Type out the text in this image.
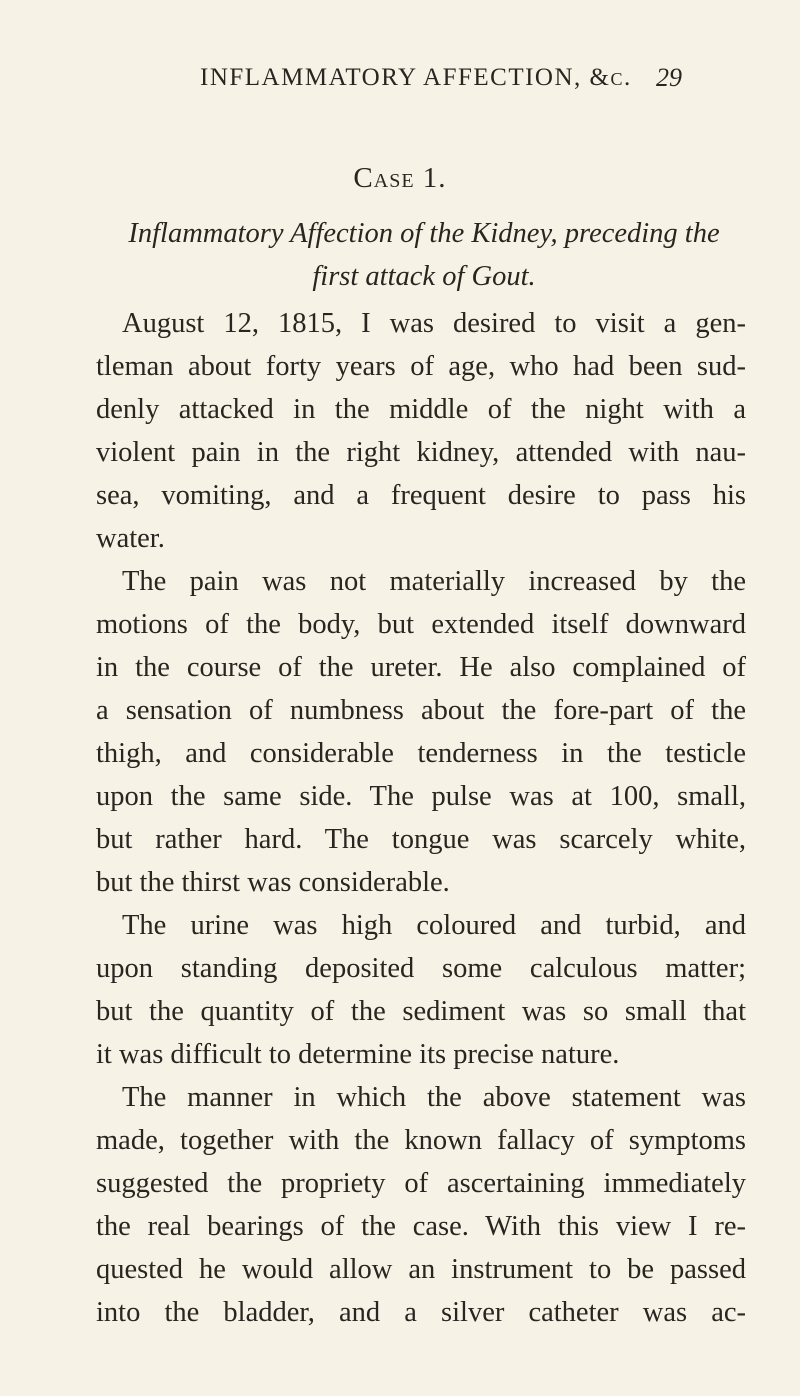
INFLAMMATORY AFFECTION, &c. 29
Case 1.
Inflammatory Affection of the Kidney, preceding the
first attack of Gout.
August 12, 1815, I was desired to visit a gen-
tleman about forty years of age, who had been sud-
denly attacked in the middle of the night with a
violent pain in the right kidney, attended with nau-
sea, vomiting, and a frequent desire to pass his
water.
The pain was not materially increased by the
motions of the body, but extended itself downward
in the course of the ureter. He also complained of
a sensation of numbness about the fore-part of the
thigh, and considerable tenderness in the testicle
upon the same side. The pulse was at 100, small,
but rather hard. The tongue was scarcely white,
but the thirst was considerable.
The urine was high coloured and turbid, and
upon standing deposited some calculous matter;
but the quantity of the sediment was so small that
it was difficult to determine its precise nature.
The manner in which the above statement was
made, together with the known fallacy of symptoms
suggested the propriety of ascertaining immediately
the real bearings of the case. With this view I re-
quested he would allow an instrument to be passed
into the bladder, and a silver catheter was ac-
